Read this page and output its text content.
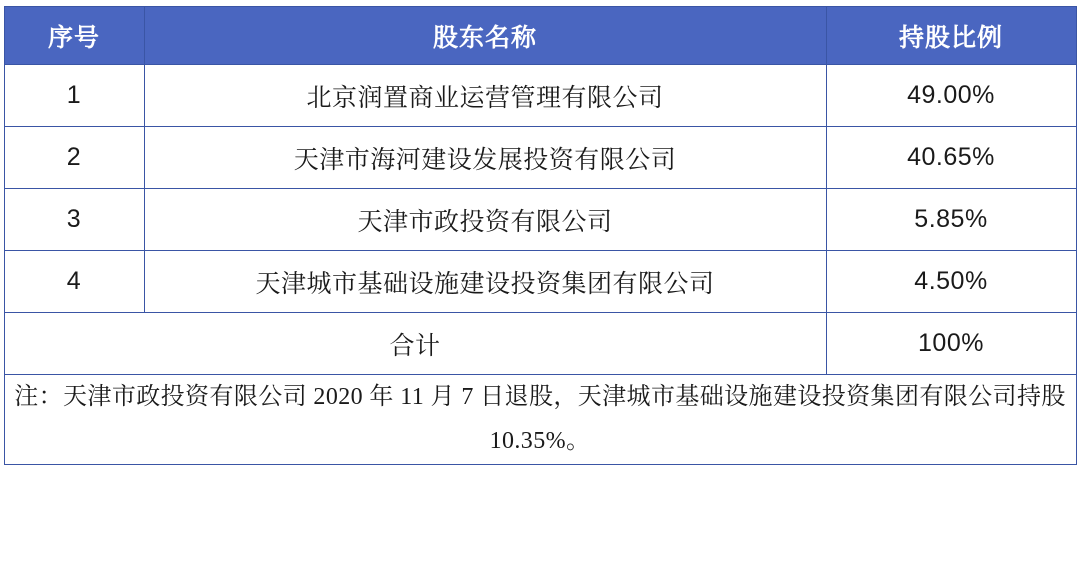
序号	股东名称	持股比例
1	北京润置商业运营管理有限公司	49.00%
2	天津市海河建设发展投资有限公司	40.65%
3	天津市政投资有限公司	5.85%
4	天津城市基础设施建设投资集团有限公司	4.50%
合计		100%

注：天津市政投资有限公司 2020 年 11 月 7 日退股，天津城市基础设施建设投资集团有限公司持股 10.35%。		
